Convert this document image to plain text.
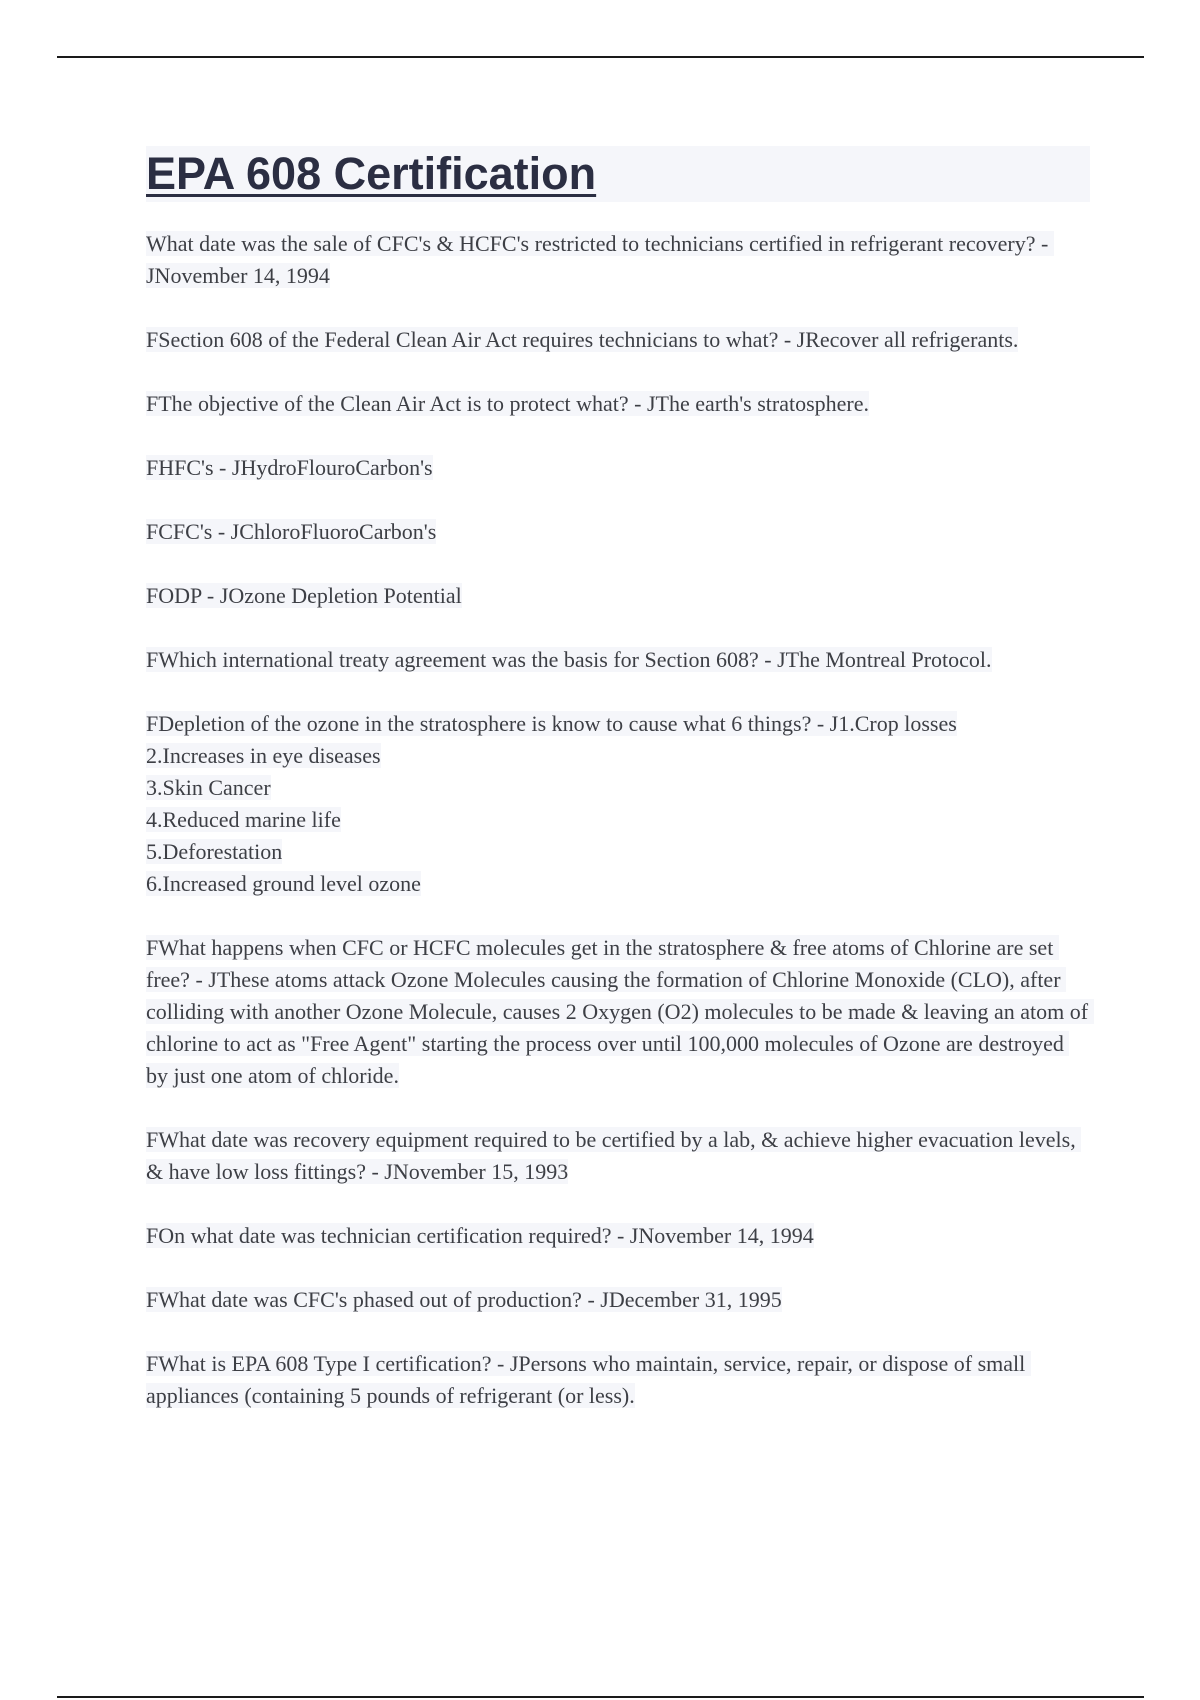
EPA 608 Certification

What date was the sale of CFC's & HCFC's restricted to technicians certified in refrigerant recovery? - JNovember 14, 1994

FSection 608 of the Federal Clean Air Act requires technicians to what? - JRecover all refrigerants.

FThe objective of the Clean Air Act is to protect what? - JThe earth's stratosphere.

FHFC's - JHydroFlouroCarbon's

FCFC's - JChloroFluoroCarbon's

FODP - JOzone Depletion Potential

FWhich international treaty agreement was the basis for Section 608? - JThe Montreal Protocol.

FDepletion of the ozone in the stratosphere is know to cause what 6 things? - J1.Crop losses
2.Increases in eye diseases
3.Skin Cancer
4.Reduced marine life
5.Deforestation
6.Increased ground level ozone

FWhat happens when CFC or HCFC molecules get in the stratosphere & free atoms of Chlorine are set free? - JThese atoms attack Ozone Molecules causing the formation of Chlorine Monoxide (CLO), after colliding with another Ozone Molecule, causes 2 Oxygen (O2) molecules to be made & leaving an atom of chlorine to act as "Free Agent" starting the process over until 100,000 molecules of Ozone are destroyed by just one atom of chloride.

FWhat date was recovery equipment required to be certified by a lab, & achieve higher evacuation levels, & have low loss fittings? - JNovember 15, 1993

FOn what date was technician certification required? - JNovember 14, 1994

FWhat date was CFC's phased out of production? - JDecember 31, 1995

FWhat is EPA 608 Type I certification? - JPersons who maintain, service, repair, or dispose of small appliances (containing 5 pounds of refrigerant (or less).
